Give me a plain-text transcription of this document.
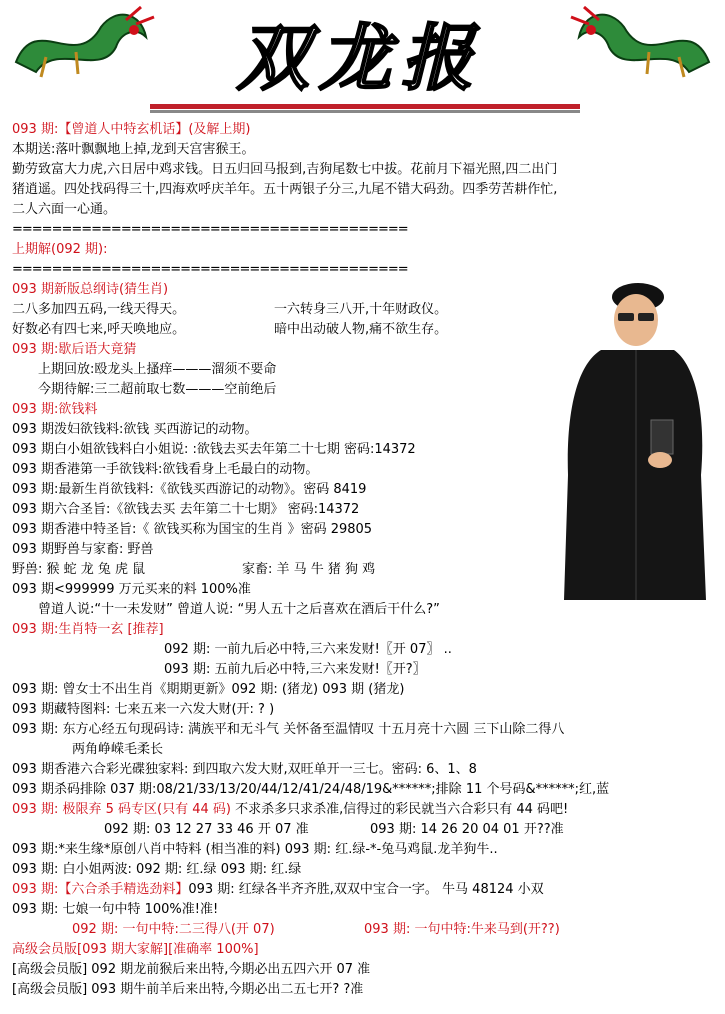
双龙报
093 期:【曾道人中特玄机话】(及解上期)
本期送:落叶飘飘地上掉,龙到天宫害猴王。
勤劳致富大力虎,六日居中鸡求钱。日五归回马报到,吉狗尾数七中拔。花前月下福光照,四二出门
猪逍遥。四处找码得三十,四海欢呼庆羊年。五十两银子分三,九尾不错大码劲。四季劳苦耕作忙,
二人六面一心通。
========================================
上期解(092 期):
========================================
093 期新版总纲诗(猜生肖)
二八多加四五码,一线天得天。	一六转身三八开,十年财政仪。
好数必有四七来,呼天唤地应。	暗中出动破人物,痛不欲生存。
093 期:歇后语大竟猜
上期回放:殴龙头上搔痒———溜须不要命
今期待解:三二超前取七数———空前绝后
093 期:欲钱料
093 期泼妇欲钱料:欲钱 买西游记的动物。
093 期白小姐欲钱料白小姐说: :欲钱去买去年第二十七期 密码:14372
093 期香港第一手欲钱料:欲钱看身上毛最白的动物。
093 期:最新生肖欲钱料:《欲钱买西游记的动物》。密码 8419
093 期六合圣旨:《欲钱去买 去年第二十七期》 密码:14372
093 期香港中特圣旨:《 欲钱买称为国宝的生肖 》密码 29805
093 期野兽与家畜: 野兽
野兽: 猴 蛇 龙 兔 虎 鼠	家畜: 羊 马 牛 猪 狗 鸡
093 期<999999 万元买来的料 100%准
曾道人说:“十一未发财” 曾道人说: “男人五十之后喜欢在酒后干什么?”
093 期:生肖特一玄 [推荐]
092 期: 一前九后必中特,三六来发财!〖开 07〗 ..
093 期: 五前九后必中特,三六来发财!〖开?〗
093 期: 曾女士不出生肖《期期更新》092 期: (猪龙) 093 期 (猪龙)
093 期藏特图料: 七来五来一六发大财(开: ? )
093 期: 东方心经五句现码诗: 满族平和无斗气 关怀备至温情叹 十五月亮十六圆 三下山除二得八
两角峥嵘毛柔长
093 期香港六合彩光碟独家料: 到四取六发大财,双旺单开一三七。密码: 6、1、8
093 期杀码排除 037 期:08/21/33/13/20/44/12/41/24/48/19&******;排除 11 个号码&******;红,蓝
093 期: 极限弃 5 码专区(只有 44 码) 不求杀多只求杀准,信得过的彩民就当六合彩只有 44 码吧!
092 期: 03 12 27 33 46 开 07 准	093 期: 14 26 20 04 01 开??准
093 期:*来生缘*原创八肖中特料 (相当准的料) 093 期: 红.绿-*-兔马鸡鼠.龙羊狗牛..
093 期: 白小姐两波: 092 期: 红.绿 093 期: 红.绿
093 期:【六合杀手精选劲料】093 期: 红绿各半齐齐胜,双双中宝合一字。 牛马 48124 小双
093 期: 七娘一句中特 100%准!准!
092 期: 一句中特:二三得八(开 07)	093 期: 一句中特:牛来马到(开??)
高级会员版[093 期大家解][准确率 100%]
[高级会员版] 092 期龙前猴后来出特,今期必出五四六开 07 准
[高级会员版] 093 期牛前羊后来出特,今期必出二五七开? ?准
